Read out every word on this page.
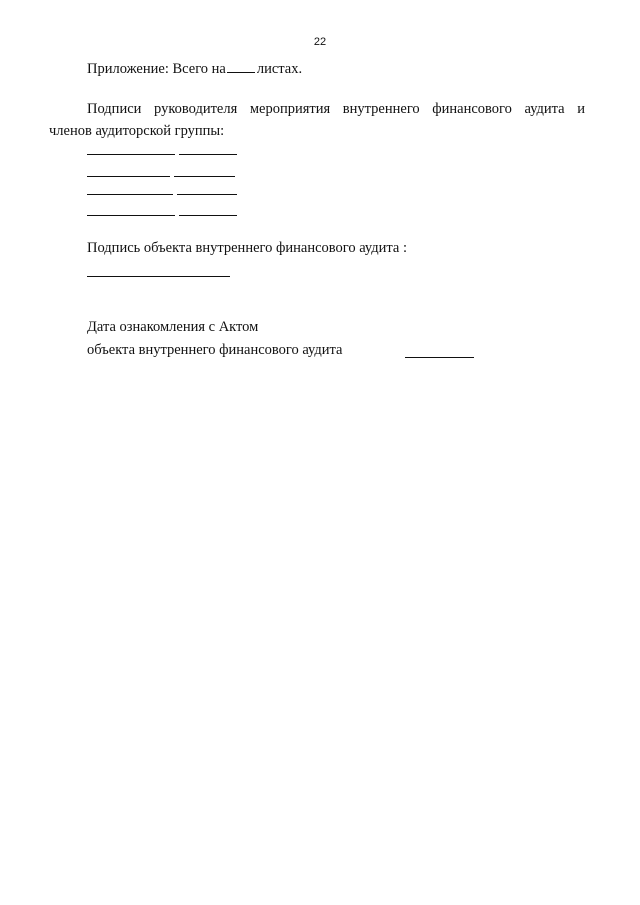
22
Приложение: Всего на листах.
Подписи руководителя мероприятия внутреннего финансового аудита и
членов аудиторской группы:
Подпись объекта внутреннего финансового аудита :
Дата ознакомления с Актом
объекта внутреннего финансового аудита
